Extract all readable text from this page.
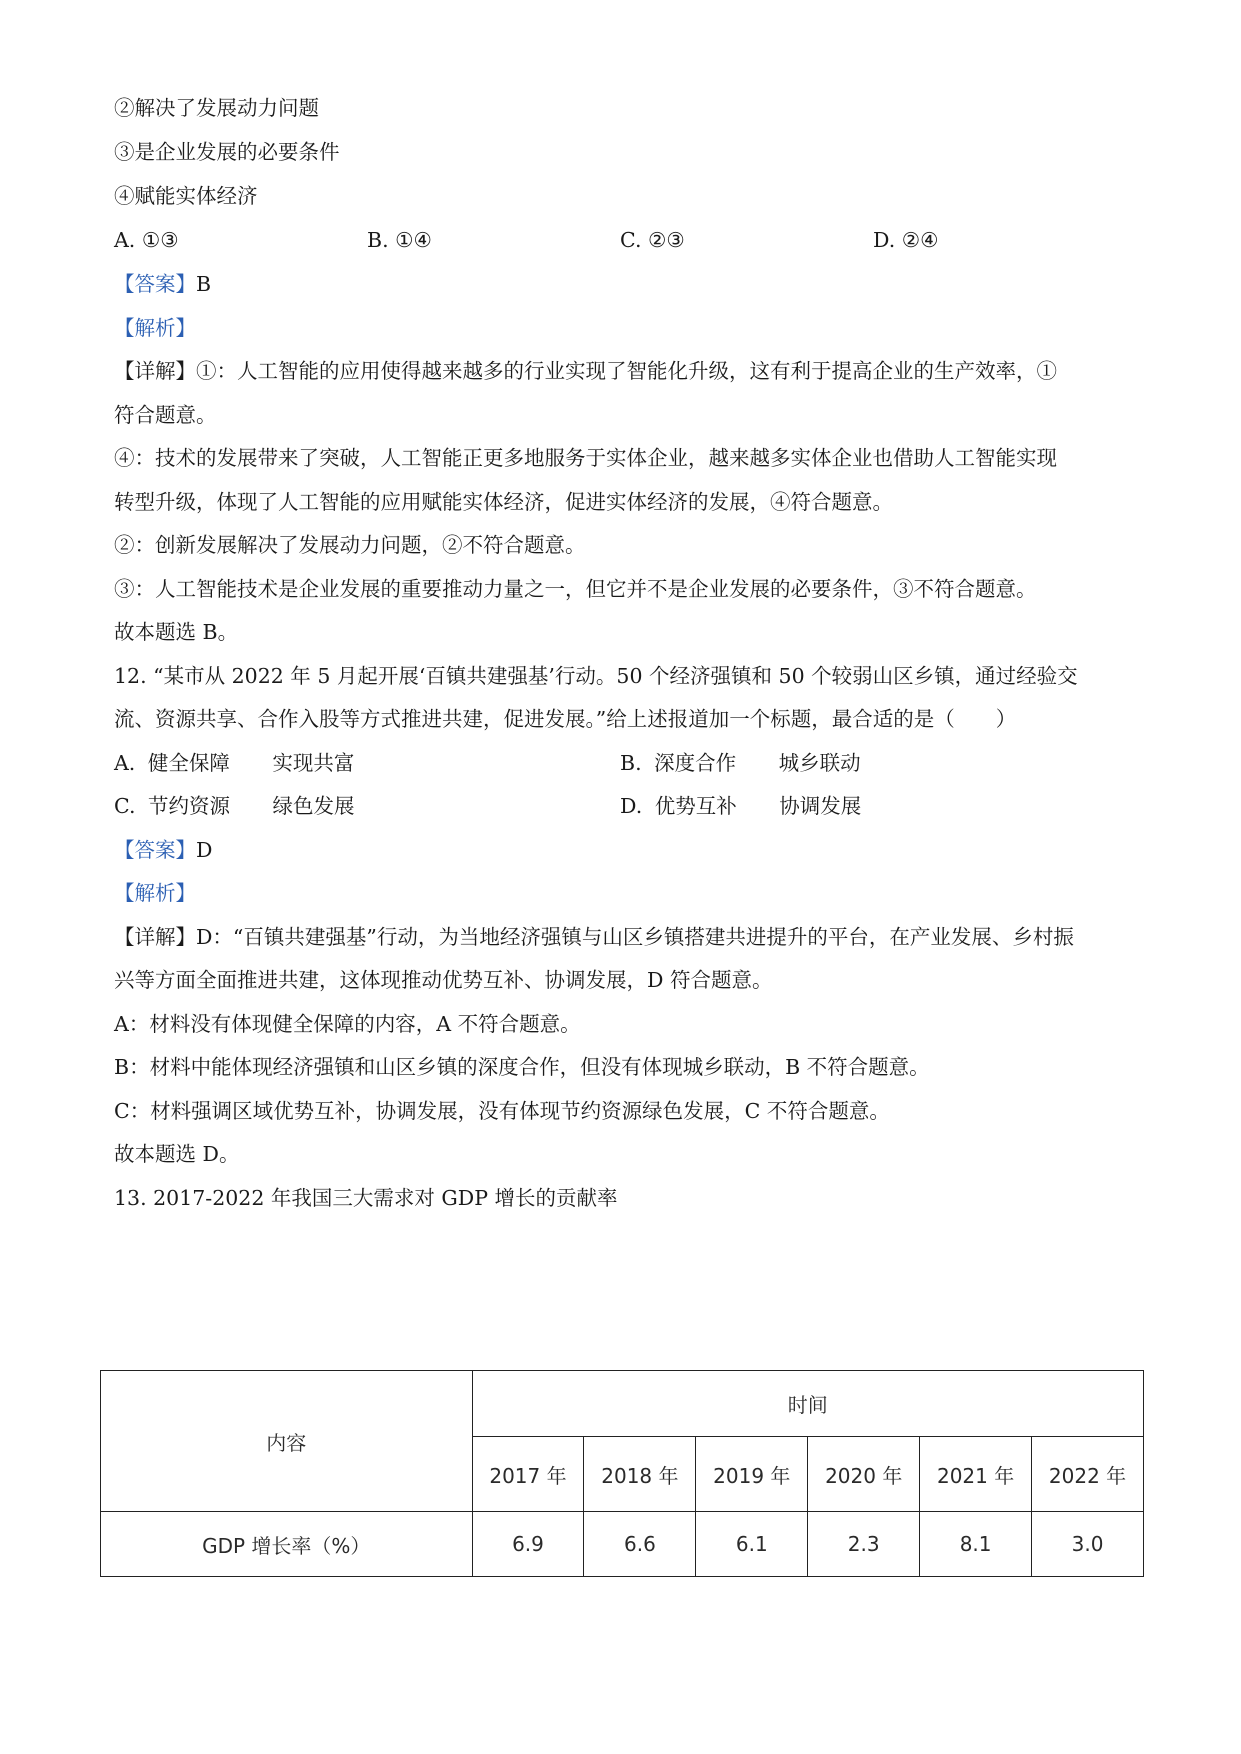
②解决了发展动力问题
③是企业发展的必要条件
④赋能实体经济
A. ①③	B. ①④	C. ②③	D. ②④
【答案】B
【解析】
【详解】①：人工智能的应用使得越来越多的行业实现了智能化升级，这有利于提高企业的生产效率，①
符合题意。
④：技术的发展带来了突破，人工智能正更多地服务于实体企业，越来越多实体企业也借助人工智能实现
转型升级，体现了人工智能的应用赋能实体经济，促进实体经济的发展，④符合题意。
②：创新发展解决了发展动力问题，②不符合题意。
③：人工智能技术是企业发展的重要推动力量之一，但它并不是企业发展的必要条件，③不符合题意。
故本题选 B。
12. “某市从 2022 年 5 月起开展‘百镇共建强基’行动。50 个经济强镇和 50 个较弱山区乡镇，通过经验交
流、资源共享、合作入股等方式推进共建，促进发展。”给上述报道加一个标题，最合适的是（　　）
A. 健全保障 实现共富	B. 深度合作 城乡联动
C. 节约资源 绿色发展	D. 优势互补 协调发展
【答案】D
【解析】
【详解】D：“百镇共建强基”行动，为当地经济强镇与山区乡镇搭建共进提升的平台，在产业发展、乡村振
兴等方面全面推进共建，这体现推动优势互补、协调发展，D 符合题意。
A：材料没有体现健全保障的内容，A 不符合题意。
B：材料中能体现经济强镇和山区乡镇的深度合作，但没有体现城乡联动，B 不符合题意。
C：材料强调区域优势互补，协调发展，没有体现节约资源绿色发展，C 不符合题意。
故本题选 D。
13. 2017-2022 年我国三大需求对 GDP 增长的贡献率
内容	时间					
	2017 年	2018 年	2019 年	2020 年	2021 年	2022 年
GDP 增长率（%）	6.9	6.6	6.1	2.3	8.1	3.0
